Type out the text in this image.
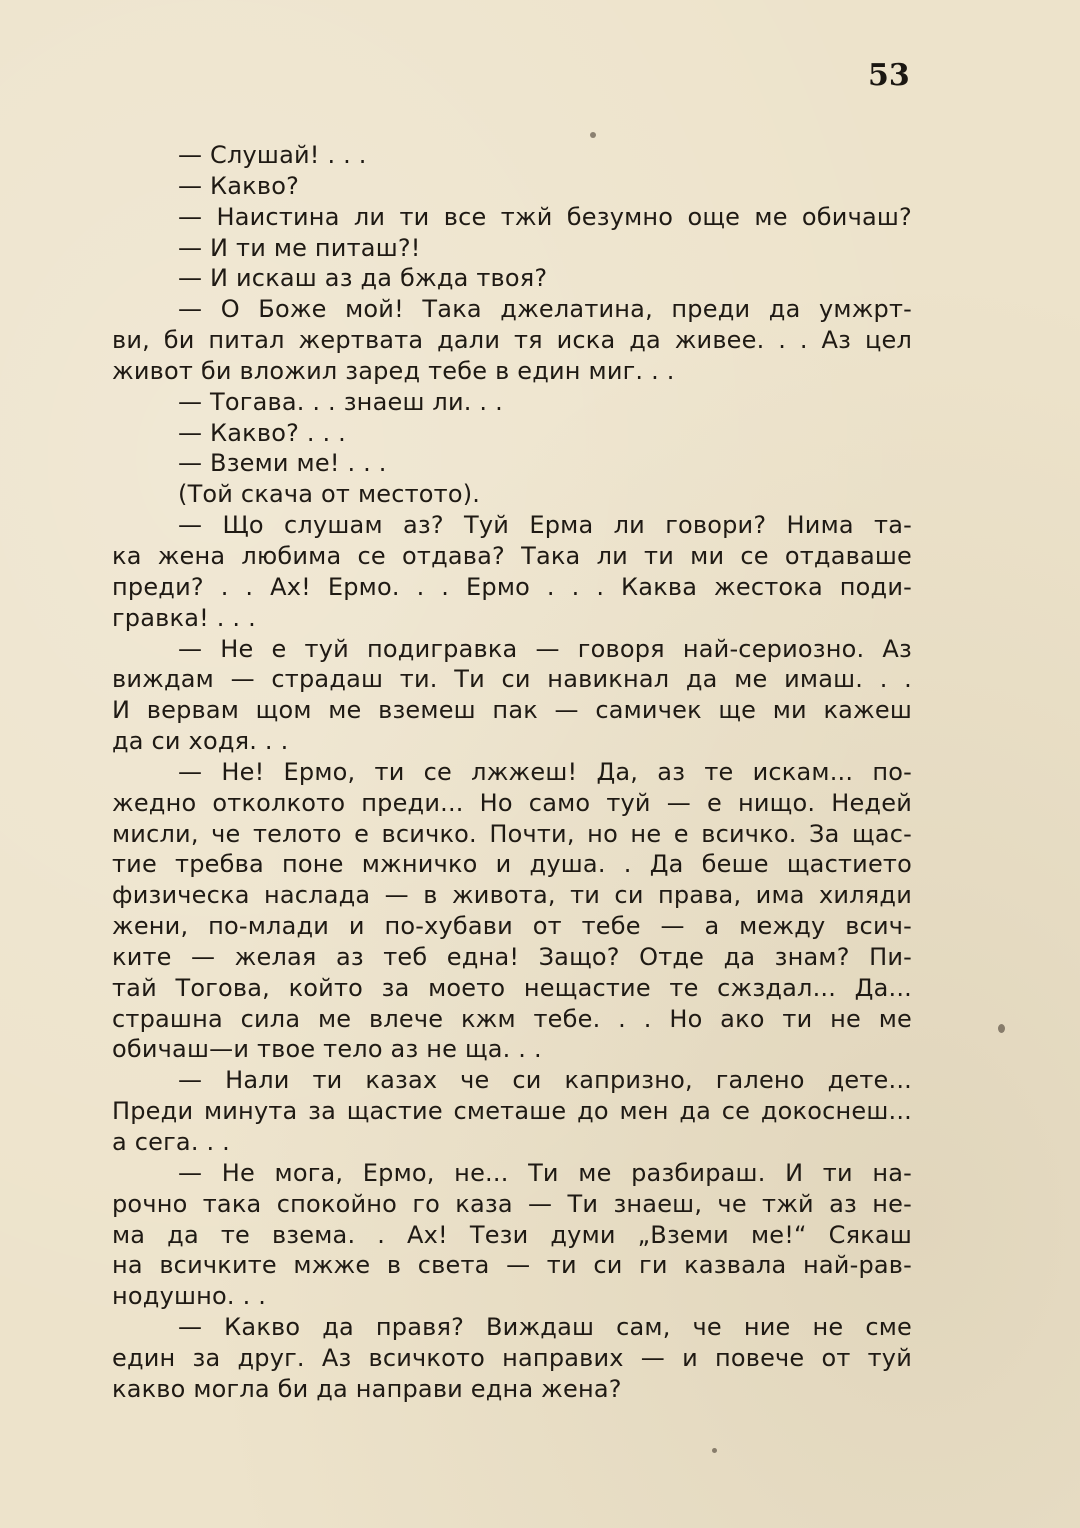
53

— Слушай! . . .
— Какво?
— Наистина ли ти все тжй безумно още ме обичаш?
— И ти ме питаш?!
— И искаш аз да бждa твоя?
— О Боже мой! Така джелатина, преди да умжрт-
ви, би питал жертвата дали тя иска да живее. . . Аз цел
живот би вложил заред тебе в един миг. . .
— Тогава. . . знаеш ли. . .
— Какво? . . .
— Вземи ме! . . .
(Той скача от местото).
— Що слушам аз? Туй Ерма ли говори? Нима та-
ка жена любима се отдава? Така ли ти ми се отдаваше
преди? . . Ах! Ермо. . . Ермо . . . Каква жестока поди-
гравка! . . .
— Не е туй подигравка — говоря най-сериозно. Аз
виждам — страдаш ти. Ти си навикнал да ме имаш. . .
И вервам щом ме вземеш пак — самичек ще ми кажеш
да си ходя. . .
— Не! Ермо, ти се лжжеш! Да, аз те искам... по-
жедно отколкото преди... Но само туй — е нищо. Недей
мисли, че телото е всичко. Почти, но не е всичко. За щас-
тие требва поне мжничко и душа. . Да беше щастието
физическа наслада — в живота, ти си права, има хиляди
жени, по-млади и по-хубави от тебе — а между всич-
ките — желая аз теб една! Защо? Отде да знам? Пи-
тай Тогова, който за моето нещастие те сжздал... Да...
страшна сила ме влече кжм тебе. . . Но ако ти не ме
обичаш—и твое тело аз не ща. . .
— Нали ти казах че си капризно, галено дете...
Преди минута за щастие сметаше до мен да се докоснеш...
а сега. . .
— Не мога, Ермо, не... Ти ме разбираш. И ти на-
рочно така спокойно го каза — Ти знаеш, че тжй аз не-
ма да те взема. . Ах! Тези думи „Вземи ме!“ Сякаш
на всичките мжже в света — ти си ги казвала най-рав-
нодушно. . .
— Какво да правя? Виждаш сам, че ние не сме
един за друг. Аз всичкото направих — и повече от туй
какво могла би да направи една жена?
